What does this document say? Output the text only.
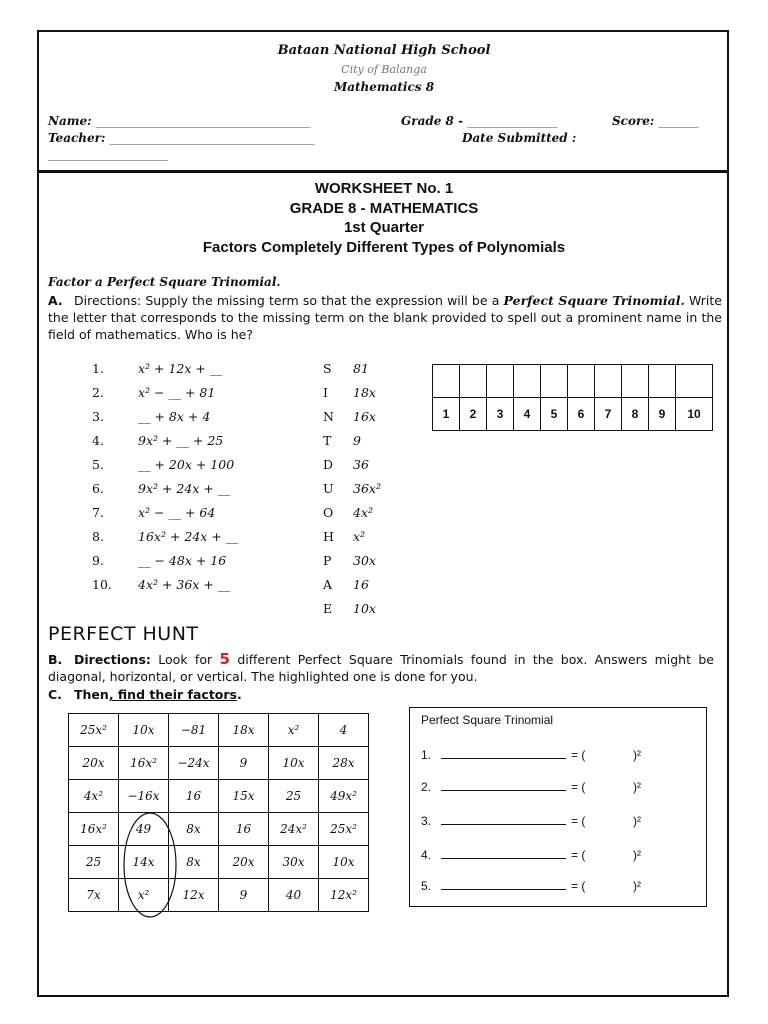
Bataan National High School
City of Balanga
Mathematics 8
Name: ___________________________________________	Grade 8 - __________________	Score: ________
Teacher: _________________________________________	Date Submitted :
________________________
WORKSHEET No. 1
GRADE 8 - MATHEMATICS
1st Quarter
Factors Completely Different Types of Polynomials
Factor a Perfect Square Trinomial.
A. Directions: Supply the missing term so that the expression will be a Perfect Square Trinomial. Write the letter that corresponds to the missing term on the blank provided to spell out a prominent name in the field of mathematics. Who is he?
1.	x² + 12x + __
2.	x² − __ + 81
3.	__ + 8x + 4
4.	9x² + __ + 25
5.	__ + 20x + 100
6.	9x² + 24x + __
7.	x² − __ + 64
8.	16x² + 24x + __
9.	__ − 48x + 16
10. 4x² + 36x + __
S 81
I 18x
N 16x
T 9
D 36
U 36x²
O 4x²
H x²
P 30x
A 16
E 10x

1	2	3	4	5	6	7	8	9	10
PERFECT HUNT
B. Directions: Look for 5 different Perfect Square Trinomials found in the box. Answers might be diagonal, horizontal, or vertical. The highlighted one is done for you.
C. Then, find their factors.
25x²	10x	−81	18x	x²	4
20x	16x²	−24x	9	10x	28x
4x²	−16x	16	15x	25	49x²
16x²	49	8x	16	24x²	25x²
25	14x	8x	20x	30x	10x
7x	x²	12x	9	40	12x²
Perfect Square Trinomial
1.	= (	)²
2.	= (	)²
3.	= (	)²
4.	= (	)²
5.	= (	)²
